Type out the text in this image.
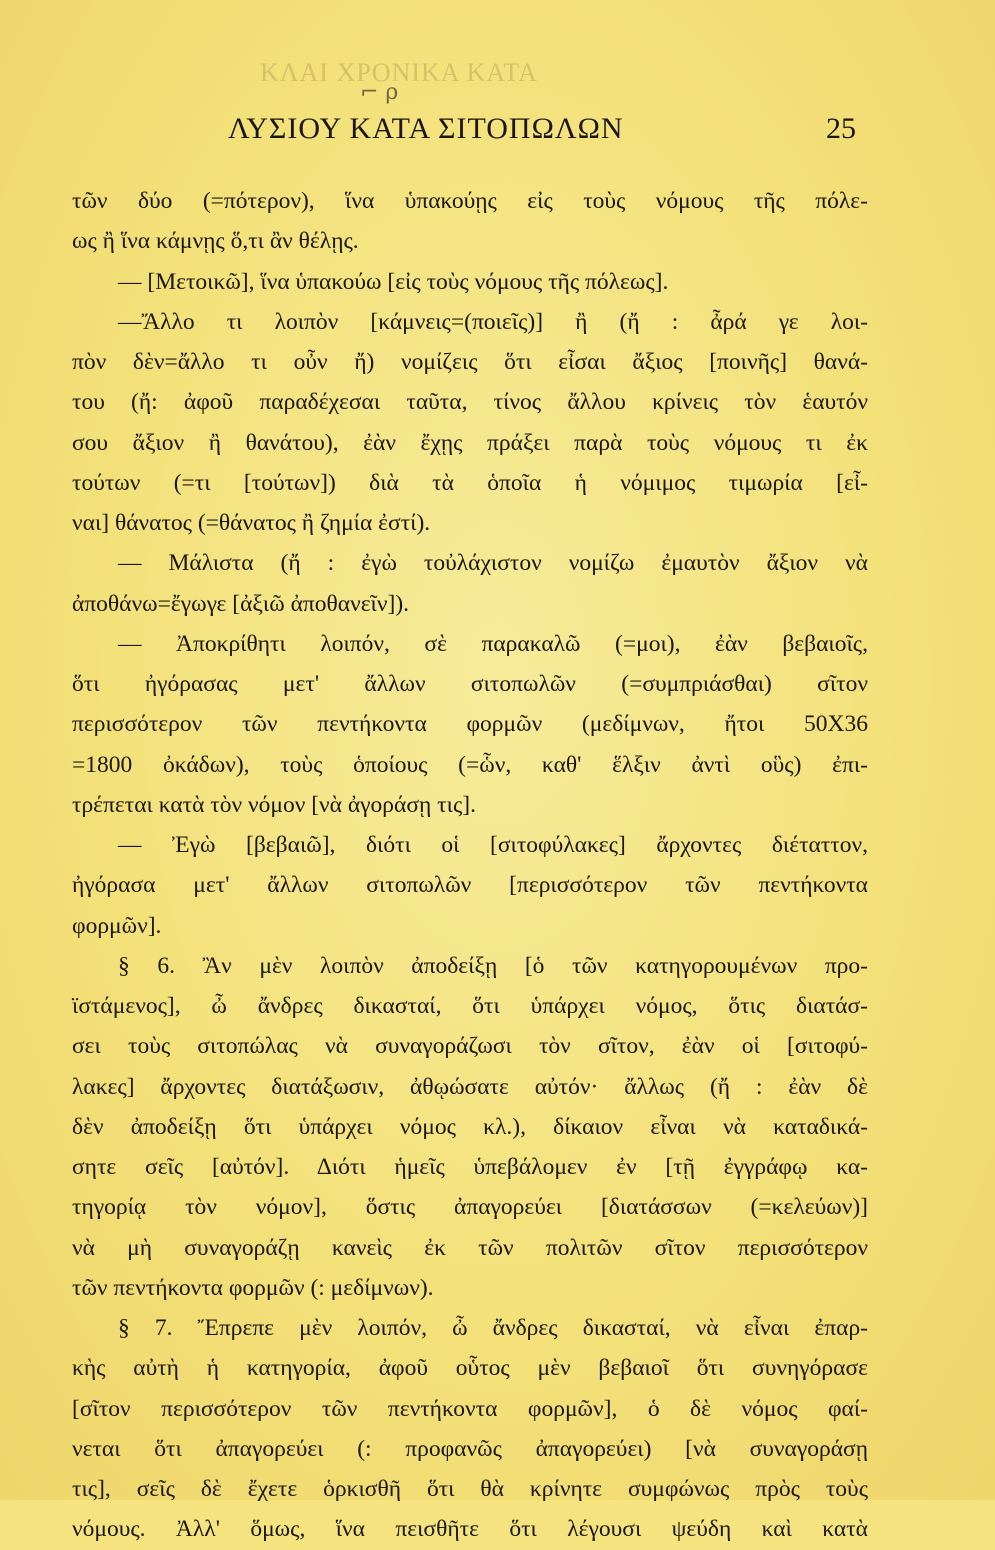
ΚΛΑΙ ΧΡΟΝΙΚΑ ΚΑΤΑ
⌐ ρ
ΛΥΣΙΟΥ ΚΑΤΑ ΣΙΤΟΠΩΛΩΝ	25
τῶν δύο (=πότερον), ἵνα ὑπακούῃς εἰς τοὺς νόμους τῆς πόλε-
ως ἢ ἵνα κάμνῃς ὅ,τι ἂν θέλῃς.
— [Μετοικῶ], ἵνα ὑπακούω [εἰς τοὺς νόμους τῆς πόλεως].
—Ἄλλο τι λοιπὸν [κάμνεις=(ποιεῖς)] ἢ (ἤ : ἆρά γε λοι-
πὸν δὲν=ἄλλο τι οὖν ἤ) νομίζεις ὅτι εἶσαι ἄξιος [ποινῆς] θανά-
του (ἤ: ἀφοῦ παραδέχεσαι ταῦτα, τίνος ἄλλου κρίνεις τὸν ἑαυτόν
σου ἄξιον ἢ θανάτου), ἐὰν ἔχῃς πράξει παρὰ τοὺς νόμους τι ἐκ
τούτων (=τι [τούτων]) διὰ τὰ ὁποῖα ἡ νόμιμος τιμωρία [εἶ-
ναι] θάνατος (=θάνατος ἢ ζημία ἐστί).
— Μάλιστα (ἤ : ἐγὼ τοὐλάχιστον νομίζω ἐμαυτὸν ἄξιον νὰ
ἀποθάνω=ἔγωγε [ἀξιῶ ἀποθανεῖν]).
— Ἀποκρίθητι λοιπόν, σὲ παρακαλῶ (=μοι), ἐὰν βεβαιοῖς,
ὅτι ἠγόρασας μετ' ἄλλων σιτοπωλῶν (=συμπριάσθαι) σῖτον
περισσότερον τῶν πεντήκοντα φορμῶν (μεδίμνων, ἤτοι 50X36
=1800 ὀκάδων), τοὺς ὁποίους (=ὧν, καθ' ἕλξιν ἀντὶ οὓς) ἐπι-
τρέπεται κατὰ τὸν νόμον [νὰ ἀγοράσῃ τις].
— Ἐγὼ [βεβαιῶ], διότι οἱ [σιτοφύλακες] ἄρχοντες διέταττον,
ἠγόρασα μετ' ἄλλων σιτοπωλῶν [περισσότερον τῶν πεντήκοντα
φορμῶν].
§ 6. Ἂν μὲν λοιπὸν ἀποδείξῃ [ὁ τῶν κατηγορουμένων προ-
ϊστάμενος], ὦ ἄνδρες δικασταί, ὅτι ὑπάρχει νόμος, ὅτις διατάσ-
σει τοὺς σιτοπώλας νὰ συναγοράζωσι τὸν σῖτον, ἐὰν οἱ [σιτοφύ-
λακες] ἄρχοντες διατάξωσιν, ἀθῳώσατε αὐτόν· ἄλλως (ἤ : ἐὰν δὲ
δὲν ἀποδείξῃ ὅτι ὑπάρχει νόμος κλ.), δίκαιον εἶναι νὰ καταδικά-
σητε σεῖς [αὐτόν]. Διότι ἡμεῖς ὑπεβάλομεν ἐν [τῇ ἐγγράφῳ κα-
τηγορίᾳ τὸν νόμον], ὅστις ἀπαγορεύει [διατάσσων (=κελεύων)]
νὰ μὴ συναγοράζῃ κανεὶς ἐκ τῶν πολιτῶν σῖτον περισσότερον
τῶν πεντήκοντα φορμῶν (: μεδίμνων).
§ 7. Ἔπρεπε μὲν λοιπόν, ὦ ἄνδρες δικασταί, νὰ εἶναι ἐπαρ-
κὴς αὐτὴ ἡ κατηγορία, ἀφοῦ οὗτος μὲν βεβαιοῖ ὅτι συνηγόρασε
[σῖτον περισσότερον τῶν πεντήκοντα φορμῶν], ὁ δὲ νόμος φαί-
νεται ὅτι ἀπαγορεύει (: προφανῶς ἀπαγορεύει) [νὰ συναγοράσῃ
τις], σεῖς δὲ ἔχετε ὁρκισθῆ ὅτι θὰ κρίνητε συμφώνως πρὸς τοὺς
νόμους. Ἀλλ' ὅμως, ἵνα πεισθῆτε ὅτι λέγουσι ψεύδη καὶ κατὰ
